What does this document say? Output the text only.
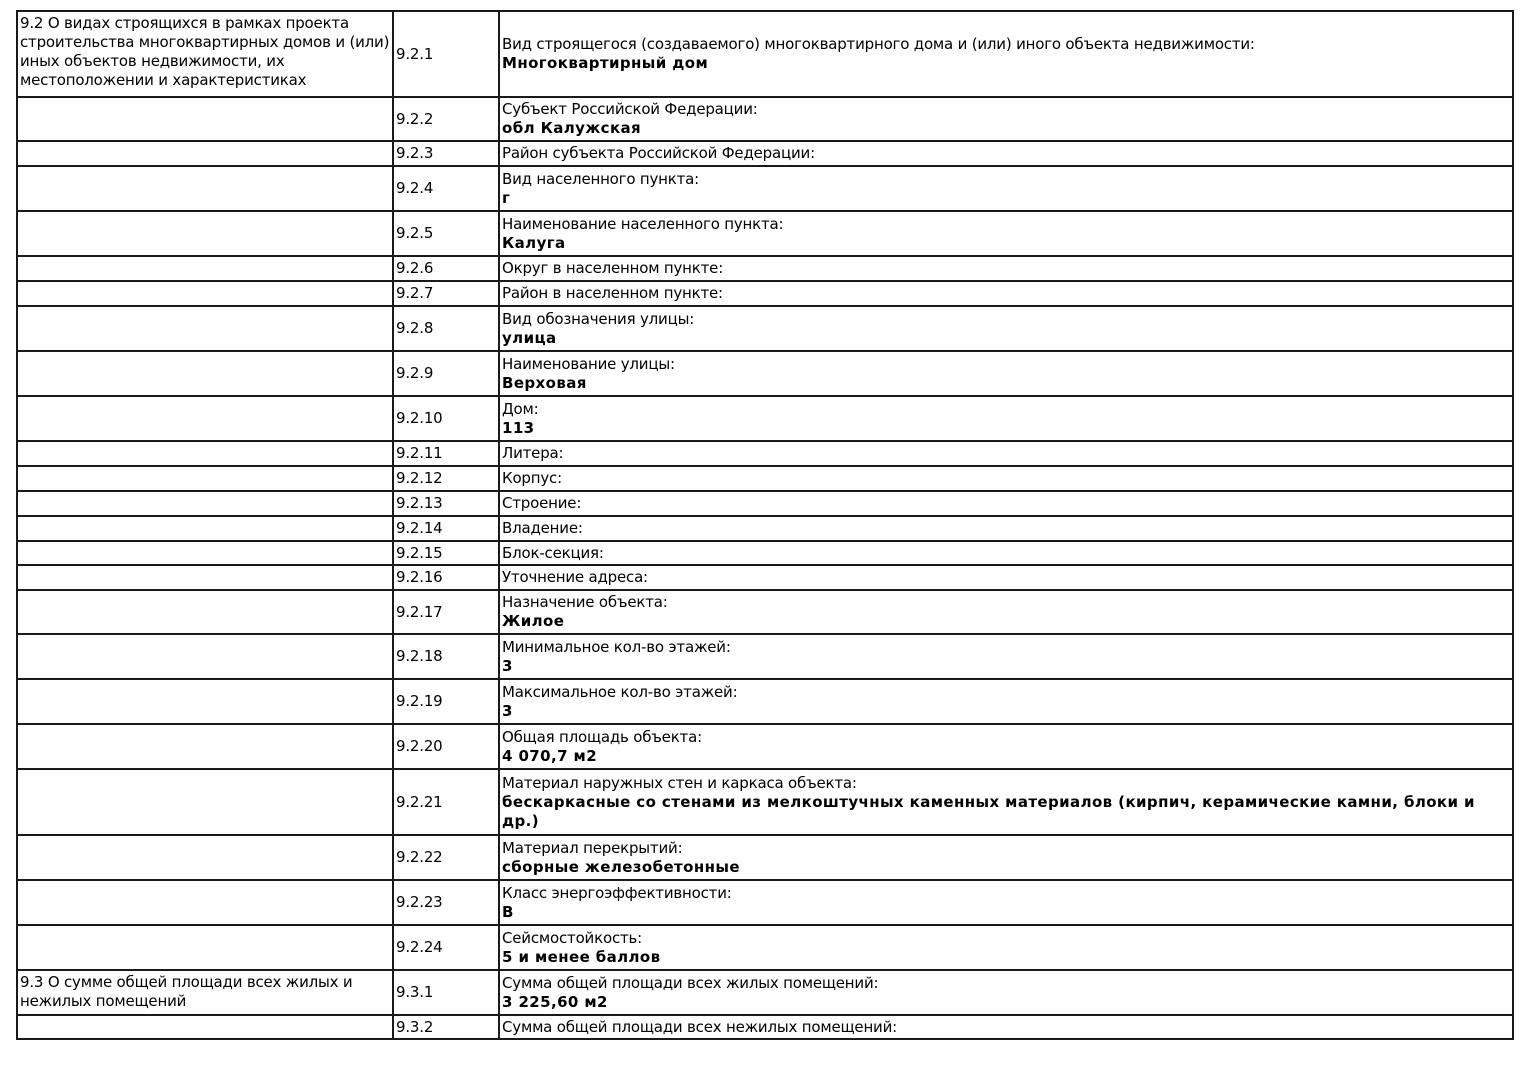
9.2 О видах строящихся в рамках проекта строительства многоквартирных домов и (или) иных объектов недвижимости, их местоположении и характеристиках	9.2.1	Вид строящегося (создаваемого) многоквартирного дома и (или) иного объекта недвижимости:
Многоквартирный дом

	9.2.2	Субъект Российской Федерации:
обл Калужская

	9.2.3	Район субъекта Российской Федерации:

	9.2.4	Вид населенного пункта:
г

	9.2.5	Наименование населенного пункта:
Калуга

	9.2.6	Округ в населенном пункте:

	9.2.7	Район в населенном пункте:

	9.2.8	Вид обозначения улицы:
улица

	9.2.9	Наименование улицы:
Верховая

	9.2.10	Дом:
113

	9.2.11	Литера:

	9.2.12	Корпус:

	9.2.13	Строение:

	9.2.14	Владение:

	9.2.15	Блок-секция:

	9.2.16	Уточнение адреса:

	9.2.17	Назначение объекта:
Жилое

	9.2.18	Минимальное кол-во этажей:
3

	9.2.19	Максимальное кол-во этажей:
3

	9.2.20	Общая площадь объекта:
4 070,7 м2

	9.2.21	Материал наружных стен и каркаса объекта:
бескаркасные со стенами из мелкоштучных каменных материалов (кирпич, керамические камни, блоки и др.)

	9.2.22	Материал перекрытий:
сборные железобетонные

	9.2.23	Класс энергоэффективности:
В

	9.2.24	Сейсмостойкость:
5 и менее баллов

9.3 О сумме общей площади всех жилых и нежилых помещений	9.3.1	Сумма общей площади всех жилых помещений:
3 225,60 м2

	9.3.2	Сумма общей площади всех нежилых помещений:
